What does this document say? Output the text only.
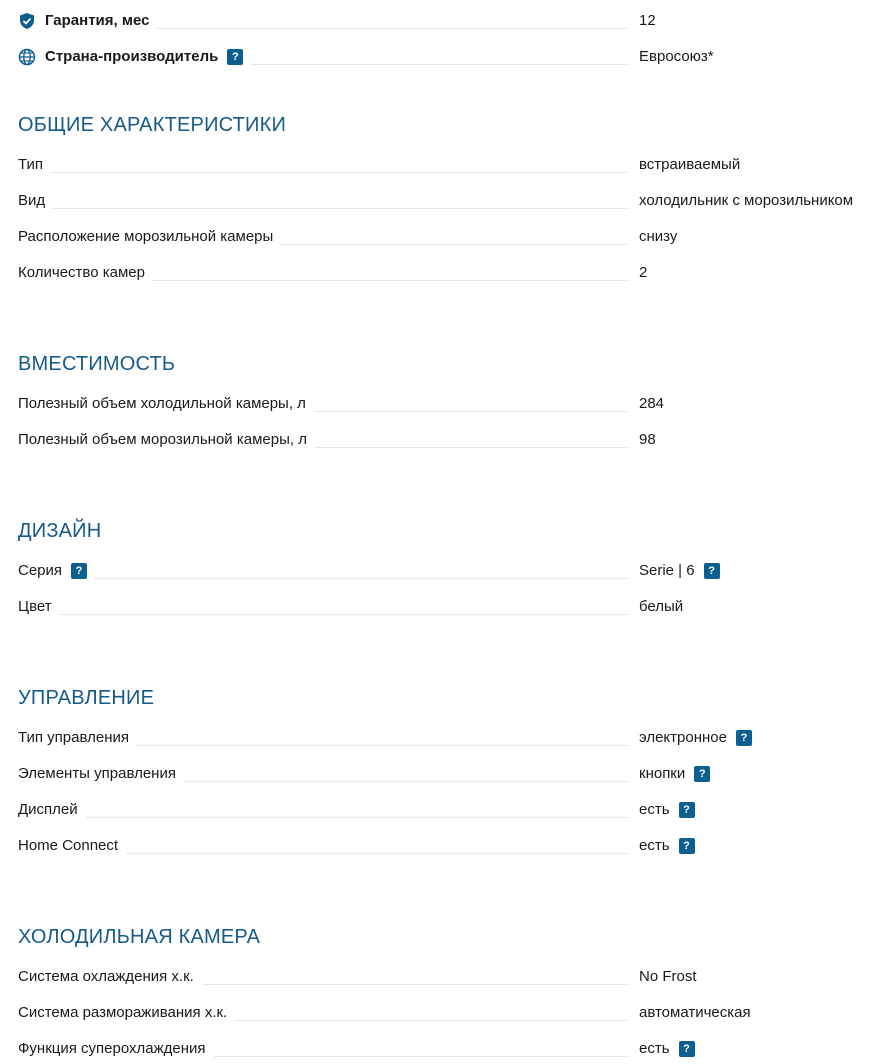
Гарантия, мес	12
Страна-производитель	?	Евросоюз*
ОБЩИЕ ХАРАКТЕРИСТИКИ
Тип	встраиваемый
Вид	холодильник с морозильником
Расположение морозильной камеры	снизу
Количество камер	2
ВМЕСТИМОСТЬ
Полезный объем холодильной камеры, л	284
Полезный объем морозильной камеры, л	98
ДИЗАЙН
Серия	?	Serie | 6	?
Цвет	белый
УПРАВЛЕНИЕ
Тип управления	электронное	?
Элементы управления	кнопки	?
Дисплей	есть	?
Home Connect	есть	?
ХОЛОДИЛЬНАЯ КАМЕРА
Система охлаждения х.к.	No Frost
Система размораживания х.к.	автоматическая
Функция суперохлаждения	есть	?
